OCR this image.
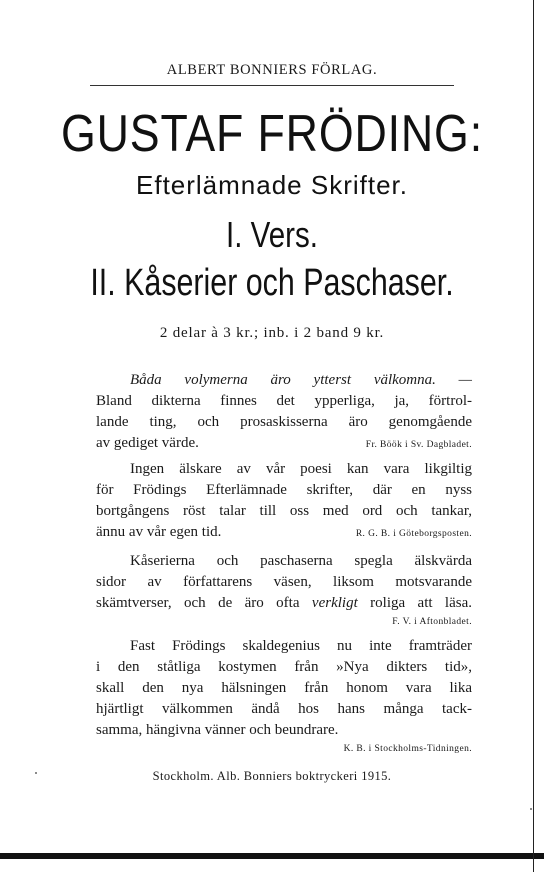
ALBERT BONNIERS FÖRLAG.
GUSTAF FRÖDING:
Efterlämnade Skrifter.
I. Vers.
II. Kåserier och Paschaser.
2 delar à 3 kr.; inb. i 2 band 9 kr.
Båda volymerna äro ytterst välkomna. —
Bland dikterna finnes det ypperliga, ja, förtrol-
lande ting, och prosaskisserna äro genomgående
av gediget värde.	Fr. Böök i Sv. Dagbladet.
Ingen älskare av vår poesi kan vara likgiltig
för Frödings Efterlämnade skrifter, där en nyss
bortgångens röst talar till oss med ord och tankar,
ännu av vår egen tid.	R. G. B. i Göteborgsposten.
Kåserierna och paschaserna spegla älskvärda
sidor av författarens väsen, liksom motsvarande
skämtverser, och de äro ofta verkligt roliga att läsa.
F. V. i Aftonbladet.
Fast Frödings skaldegenius nu inte framträder
i den ståtliga kostymen från »Nya dikters tid»,
skall den nya hälsningen från honom vara lika
hjärtligt välkommen ändå hos hans många tack-
samma, hängivna vänner och beundrare.
K. B. i Stockholms-Tidningen.
Stockholm. Alb. Bonniers boktryckeri 1915.
